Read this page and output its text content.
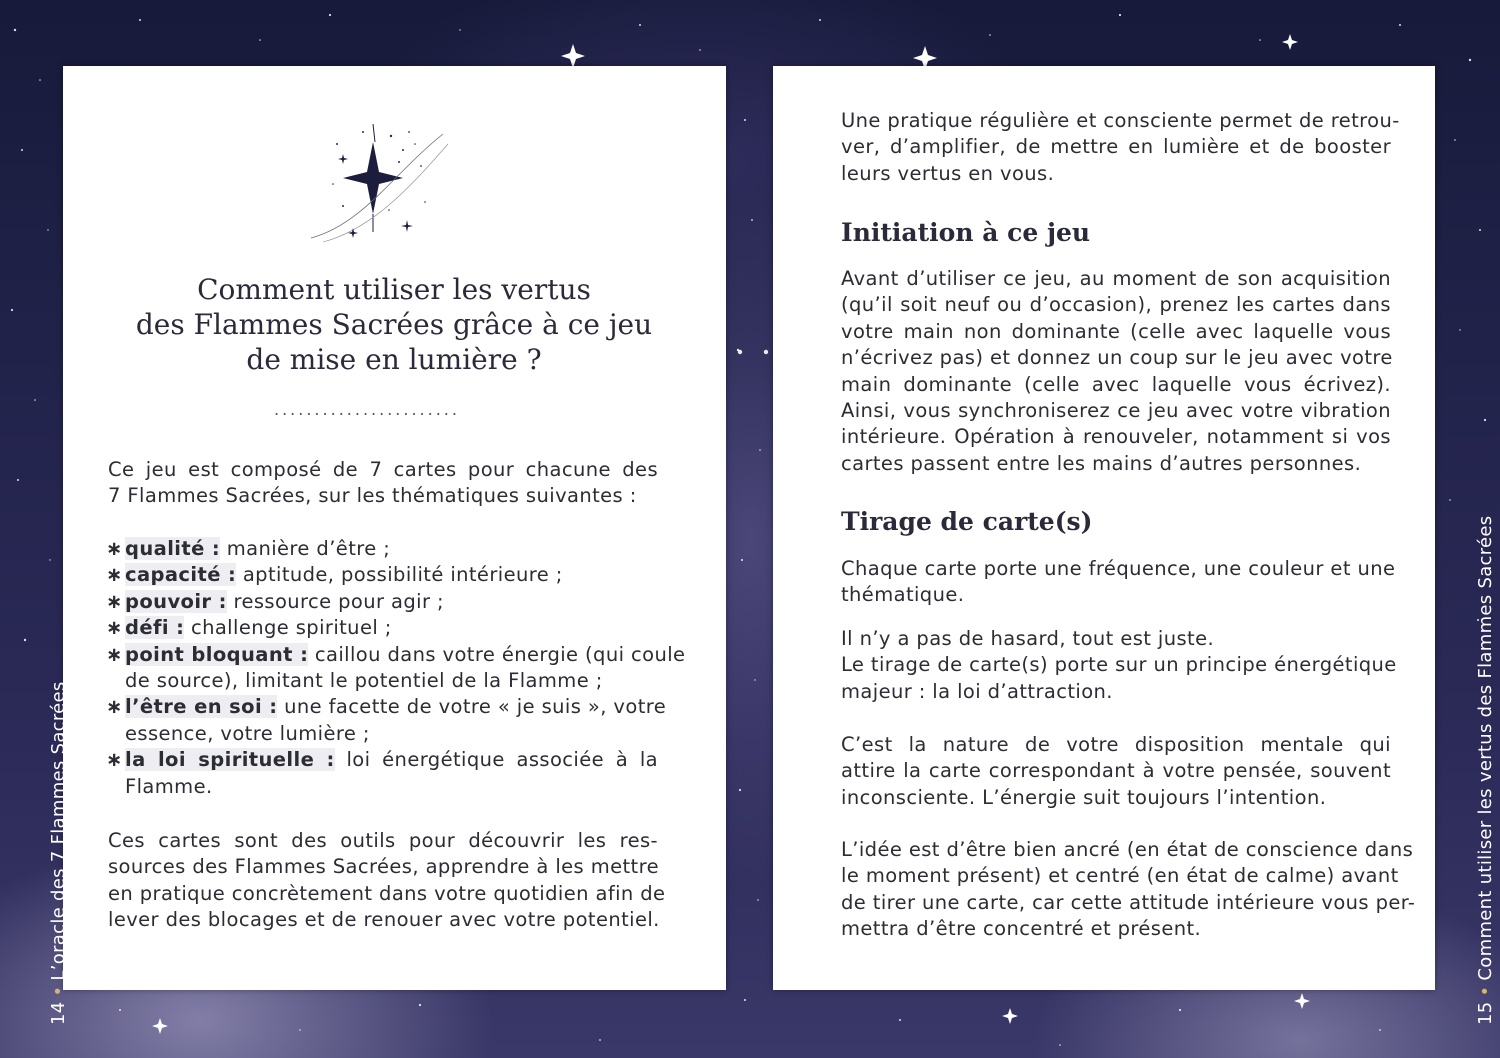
Comment utiliser les vertus
des Flammes Sacrées grâce à ce jeu
de mise en lumière ?
.......................
Ce jeu est composé de 7 cartes pour chacune des
7 Flammes Sacrées, sur les thématiques suivantes :
∗ qualité : manière d’être ;
∗ capacité : aptitude, possibilité intérieure ;
∗ pouvoir : ressource pour agir ;
∗ défi : challenge spirituel ;
∗ point bloquant : caillou dans votre énergie (qui coule
de source), limitant le potentiel de la Flamme ;
∗ l’être en soi : une facette de votre « je suis », votre
essence, votre lumière ;
∗ la loi spirituelle : loi énergétique associée à la
Flamme.
Ces cartes sont des outils pour découvrir les res-
sources des Flammes Sacrées, apprendre à les mettre
en pratique concrètement dans votre quotidien afin de
lever des blocages et de renouer avec votre potentiel.
Une pratique régulière et consciente permet de retrou-
ver, d’amplifier, de mettre en lumière et de booster
leurs vertus en vous.
Initiation à ce jeu
Avant d’utiliser ce jeu, au moment de son acquisition
(qu’il soit neuf ou d’occasion), prenez les cartes dans
votre main non dominante (celle avec laquelle vous
n’écrivez pas) et donnez un coup sur le jeu avec votre
main dominante (celle avec laquelle vous écrivez).
Ainsi, vous synchroniserez ce jeu avec votre vibration
intérieure. Opération à renouveler, notamment si vos
cartes passent entre les mains d’autres personnes.
Tirage de carte(s)
Chaque carte porte une fréquence, une couleur et une
thématique.
Il n’y a pas de hasard, tout est juste.
Le tirage de carte(s) porte sur un principe énergétique
majeur : la loi d’attraction.
C’est la nature de votre disposition mentale qui
attire la carte correspondant à votre pensée, souvent
inconsciente. L’énergie suit toujours l’intention.
L’idée est d’être bien ancré (en état de conscience dans
le moment présent) et centré (en état de calme) avant
de tirer une carte, car cette attitude intérieure vous per-
mettra d’être concentré et présent.
14•L’oracle des 7 Flammes Sacrées
15•Comment utiliser les vertus des Flammes Sacrées
